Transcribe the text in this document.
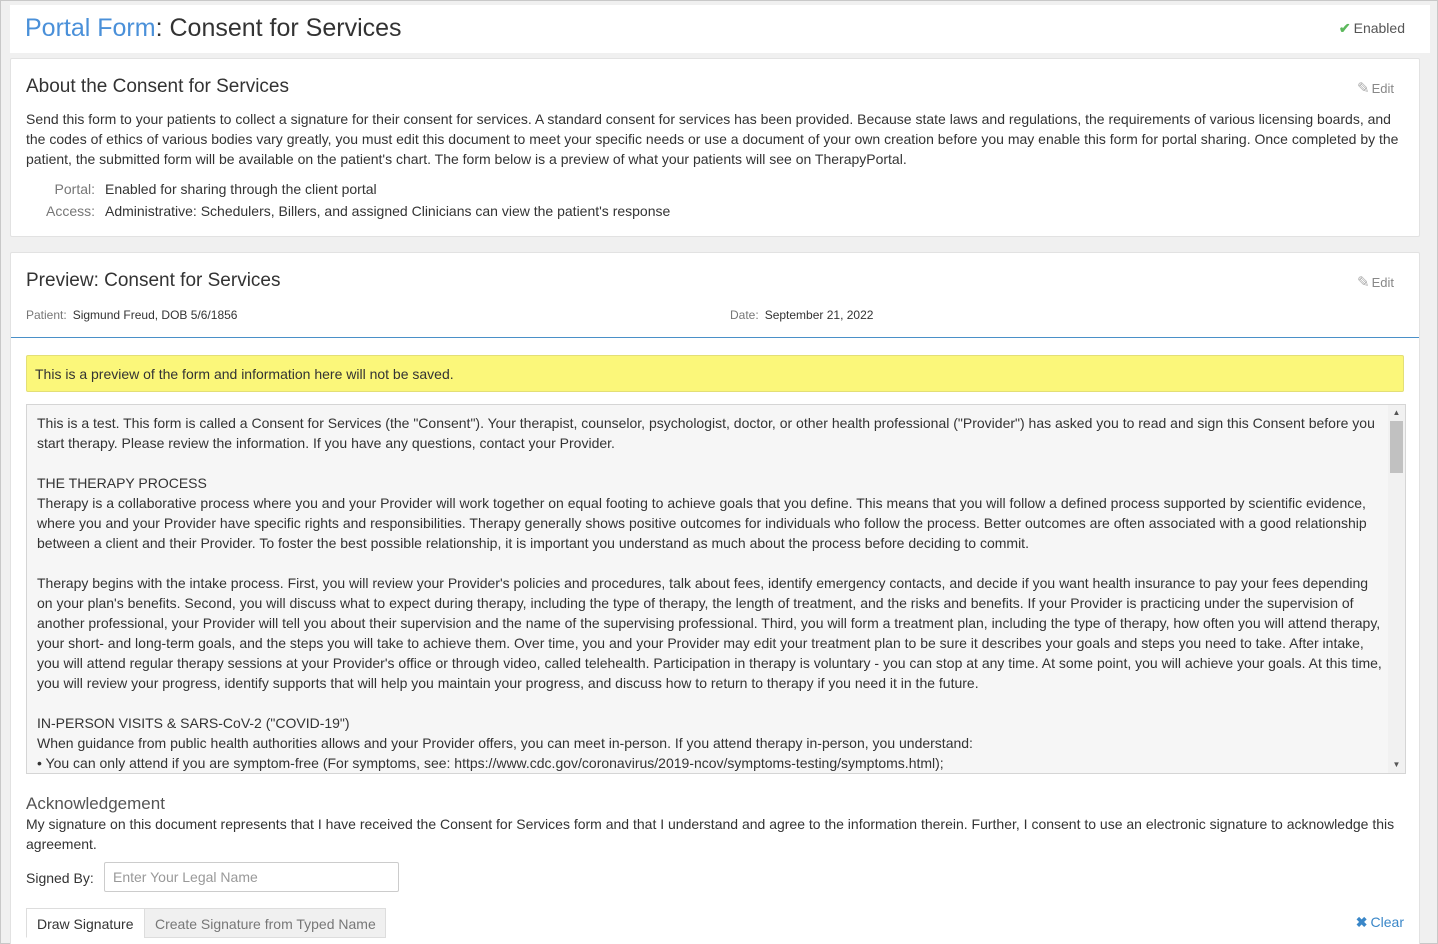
Portal Form: Consent for Services	✔ Enabled
About the Consent for Services	✎ Edit
Send this form to your patients to collect a signature for their consent for services. A standard consent for services has been provided. Because state laws and regulations, the requirements of various licensing boards, and the codes of ethics of various bodies vary greatly, you must edit this document to meet your specific needs or use a document of your own creation before you may enable this form for portal sharing. Once completed by the patient, the submitted form will be available on the patient's chart. The form below is a preview of what your patients will see on TherapyPortal.
Portal: Enabled for sharing through the client portal
Access: Administrative: Schedulers, Billers, and assigned Clinicians can view the patient's response
Preview: Consent for Services	✎ Edit
Patient: Sigmund Freud, DOB 5/6/1856	Date: September 21, 2022
This is a preview of the form and information here will not be saved.

This is a test. This form is called a Consent for Services (the "Consent"). Your therapist, counselor, psychologist, doctor, or other health professional ("Provider") has asked you to read and sign this Consent before you start therapy. Please review the information. If you have any questions, contact your Provider.

THE THERAPY PROCESS

Therapy is a collaborative process where you and your Provider will work together on equal footing to achieve goals that you define. This means that you will follow a defined process supported by scientific evidence, where you and your Provider have specific rights and responsibilities. Therapy generally shows positive outcomes for individuals who follow the process. Better outcomes are often associated with a good relationship between a client and their Provider. To foster the best possible relationship, it is important you understand as much about the process before deciding to commit.

Therapy begins with the intake process. First, you will review your Provider's policies and procedures, talk about fees, identify emergency contacts, and decide if you want health insurance to pay your fees depending on your plan's benefits. Second, you will discuss what to expect during therapy, including the type of therapy, the length of treatment, and the risks and benefits. If your Provider is practicing under the supervision of another professional, your Provider will tell you about their supervision and the name of the supervising professional. Third, you will form a treatment plan, including the type of therapy, how often you will attend therapy, your short- and long-term goals, and the steps you will take to achieve them. Over time, you and your Provider may edit your treatment plan to be sure it describes your goals and steps you need to take. After intake, you will attend regular therapy sessions at your Provider's office or through video, called telehealth. Participation in therapy is voluntary - you can stop at any time. At some point, you will achieve your goals. At this time, you will review your progress, identify supports that will help you maintain your progress, and discuss how to return to therapy if you need it in the future.

IN-PERSON VISITS & SARS-CoV-2 ("COVID-19")

When guidance from public health authorities allows and your Provider offers, you can meet in-person. If you attend therapy in-person, you understand:

• You can only attend if you are symptom-free (For symptoms, see: https://www.cdc.gov/coronavirus/2019-ncov/symptoms-testing/symptoms.html);

▲
▼
Acknowledgement
My signature on this document represents that I have received the Consent for Services form and that I understand and agree to the information therein. Further, I consent to use an electronic signature to acknowledge this agreement.
Signed By:
Enter Your Legal Name
Draw Signature	Create Signature from Typed Name	✖ Clear
